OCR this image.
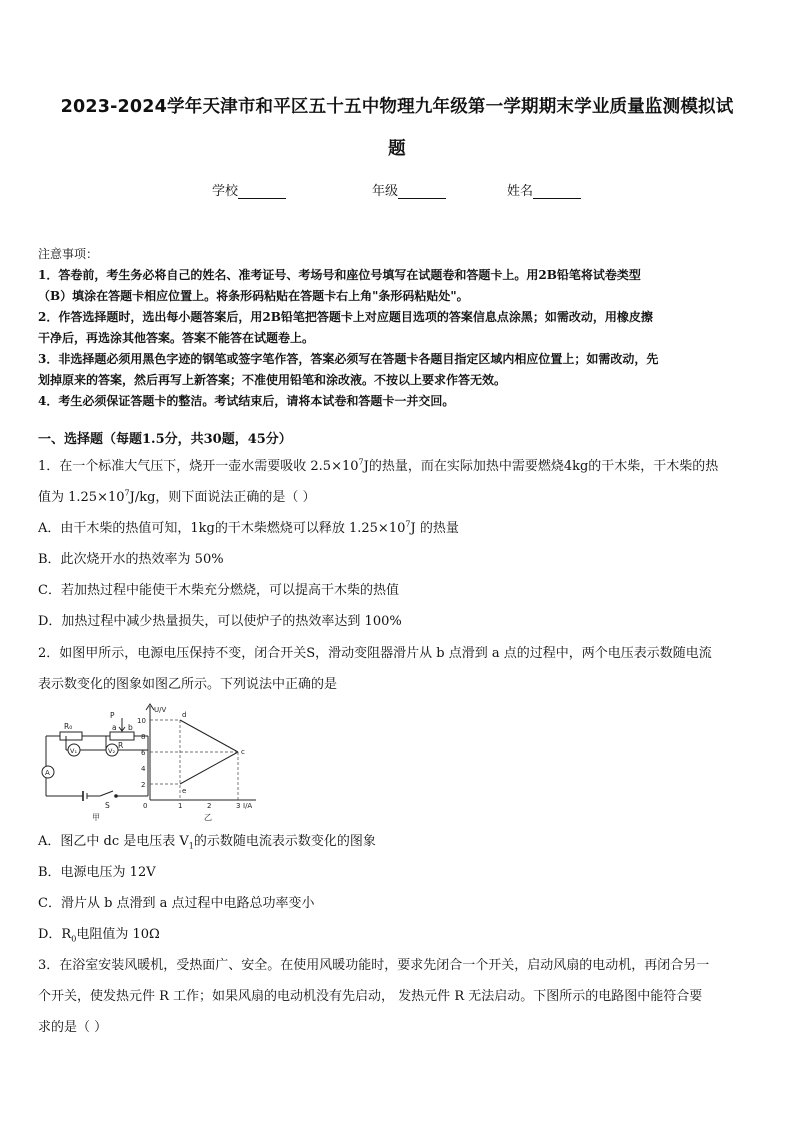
2023-2024学年天津市和平区五十五中物理九年级第一学期期末学业质量监测模拟试
题
学校	年级	姓名

注意事项：

1．答卷前，考生务必将自己的姓名、准考证号、考场号和座位号填写在试题卷和答题卡上。用2B铅笔将试卷类型

（B）填涂在答题卡相应位置上。将条形码粘贴在答题卡右上角"条形码粘贴处"。

2．作答选择题时，选出每小题答案后，用2B铅笔把答题卡上对应题目选项的答案信息点涂黑；如需改动，用橡皮擦

干净后，再选涂其他答案。答案不能答在试题卷上。

3．非选择题必须用黑色字迹的钢笔或签字笔作答，答案必须写在答题卡各题目指定区域内相应位置上；如需改动，先

划掉原来的答案，然后再写上新答案；不准使用铅笔和涂改液。不按以上要求作答无效。

4．考生必须保证答题卡的整洁。考试结束后，请将本试卷和答题卡一并交回。

一、选择题（每题1.5分，共30题，45分）

1．在一个标准大气压下，烧开一壶水需要吸收 $2.5\times 10^7J$的热量，而在实际加热中需要燃烧4kg的干木柴，干木柴的热

值为 $1.25\times 10^7J/kg$，则下面说法正确的是（ ）

A．由干木柴的热值可知，1kg的干木柴燃烧可以释放 $1.25\times 10^7J$ 的热量

B．此次烧开水的热效率为 50%

C．若加热过程中能使干木柴充分燃烧，可以提高干木柴的热值

D．加热过程中减少热量损失，可以使炉子的热效率达到 100%

2．如图甲所示，电源电压保持不变，闭合开关S，滑动变阻器滑片从 b 点滑到 a 点的过程中，两个电压表示数随电流

表示数变化的图象如图乙所示。下列说法中正确的是

R₀
P
a b
R
V₁	V₂
A
S
甲
U/V
10
8
6
4
2
0	1	2	3 I/A
d
c
e
乙

A．图乙中 dc 是电压表 $V_1$的示数随电流表示数变化的图象

B．电源电压为 12V

C．滑片从 b 点滑到 a 点过程中电路总功率变小

D．$R_0$电阻值为 10Ω

3．在浴室安装风暖机，受热面广、安全。在使用风暖功能时，要求先闭合一个开关，启动风扇的电动机，再闭合另一

个开关，使发热元件 R 工作；如果风扇的电动机没有先启动， 发热元件 R 无法启动。下图所示的电路图中能符合要

求的是（ ）
